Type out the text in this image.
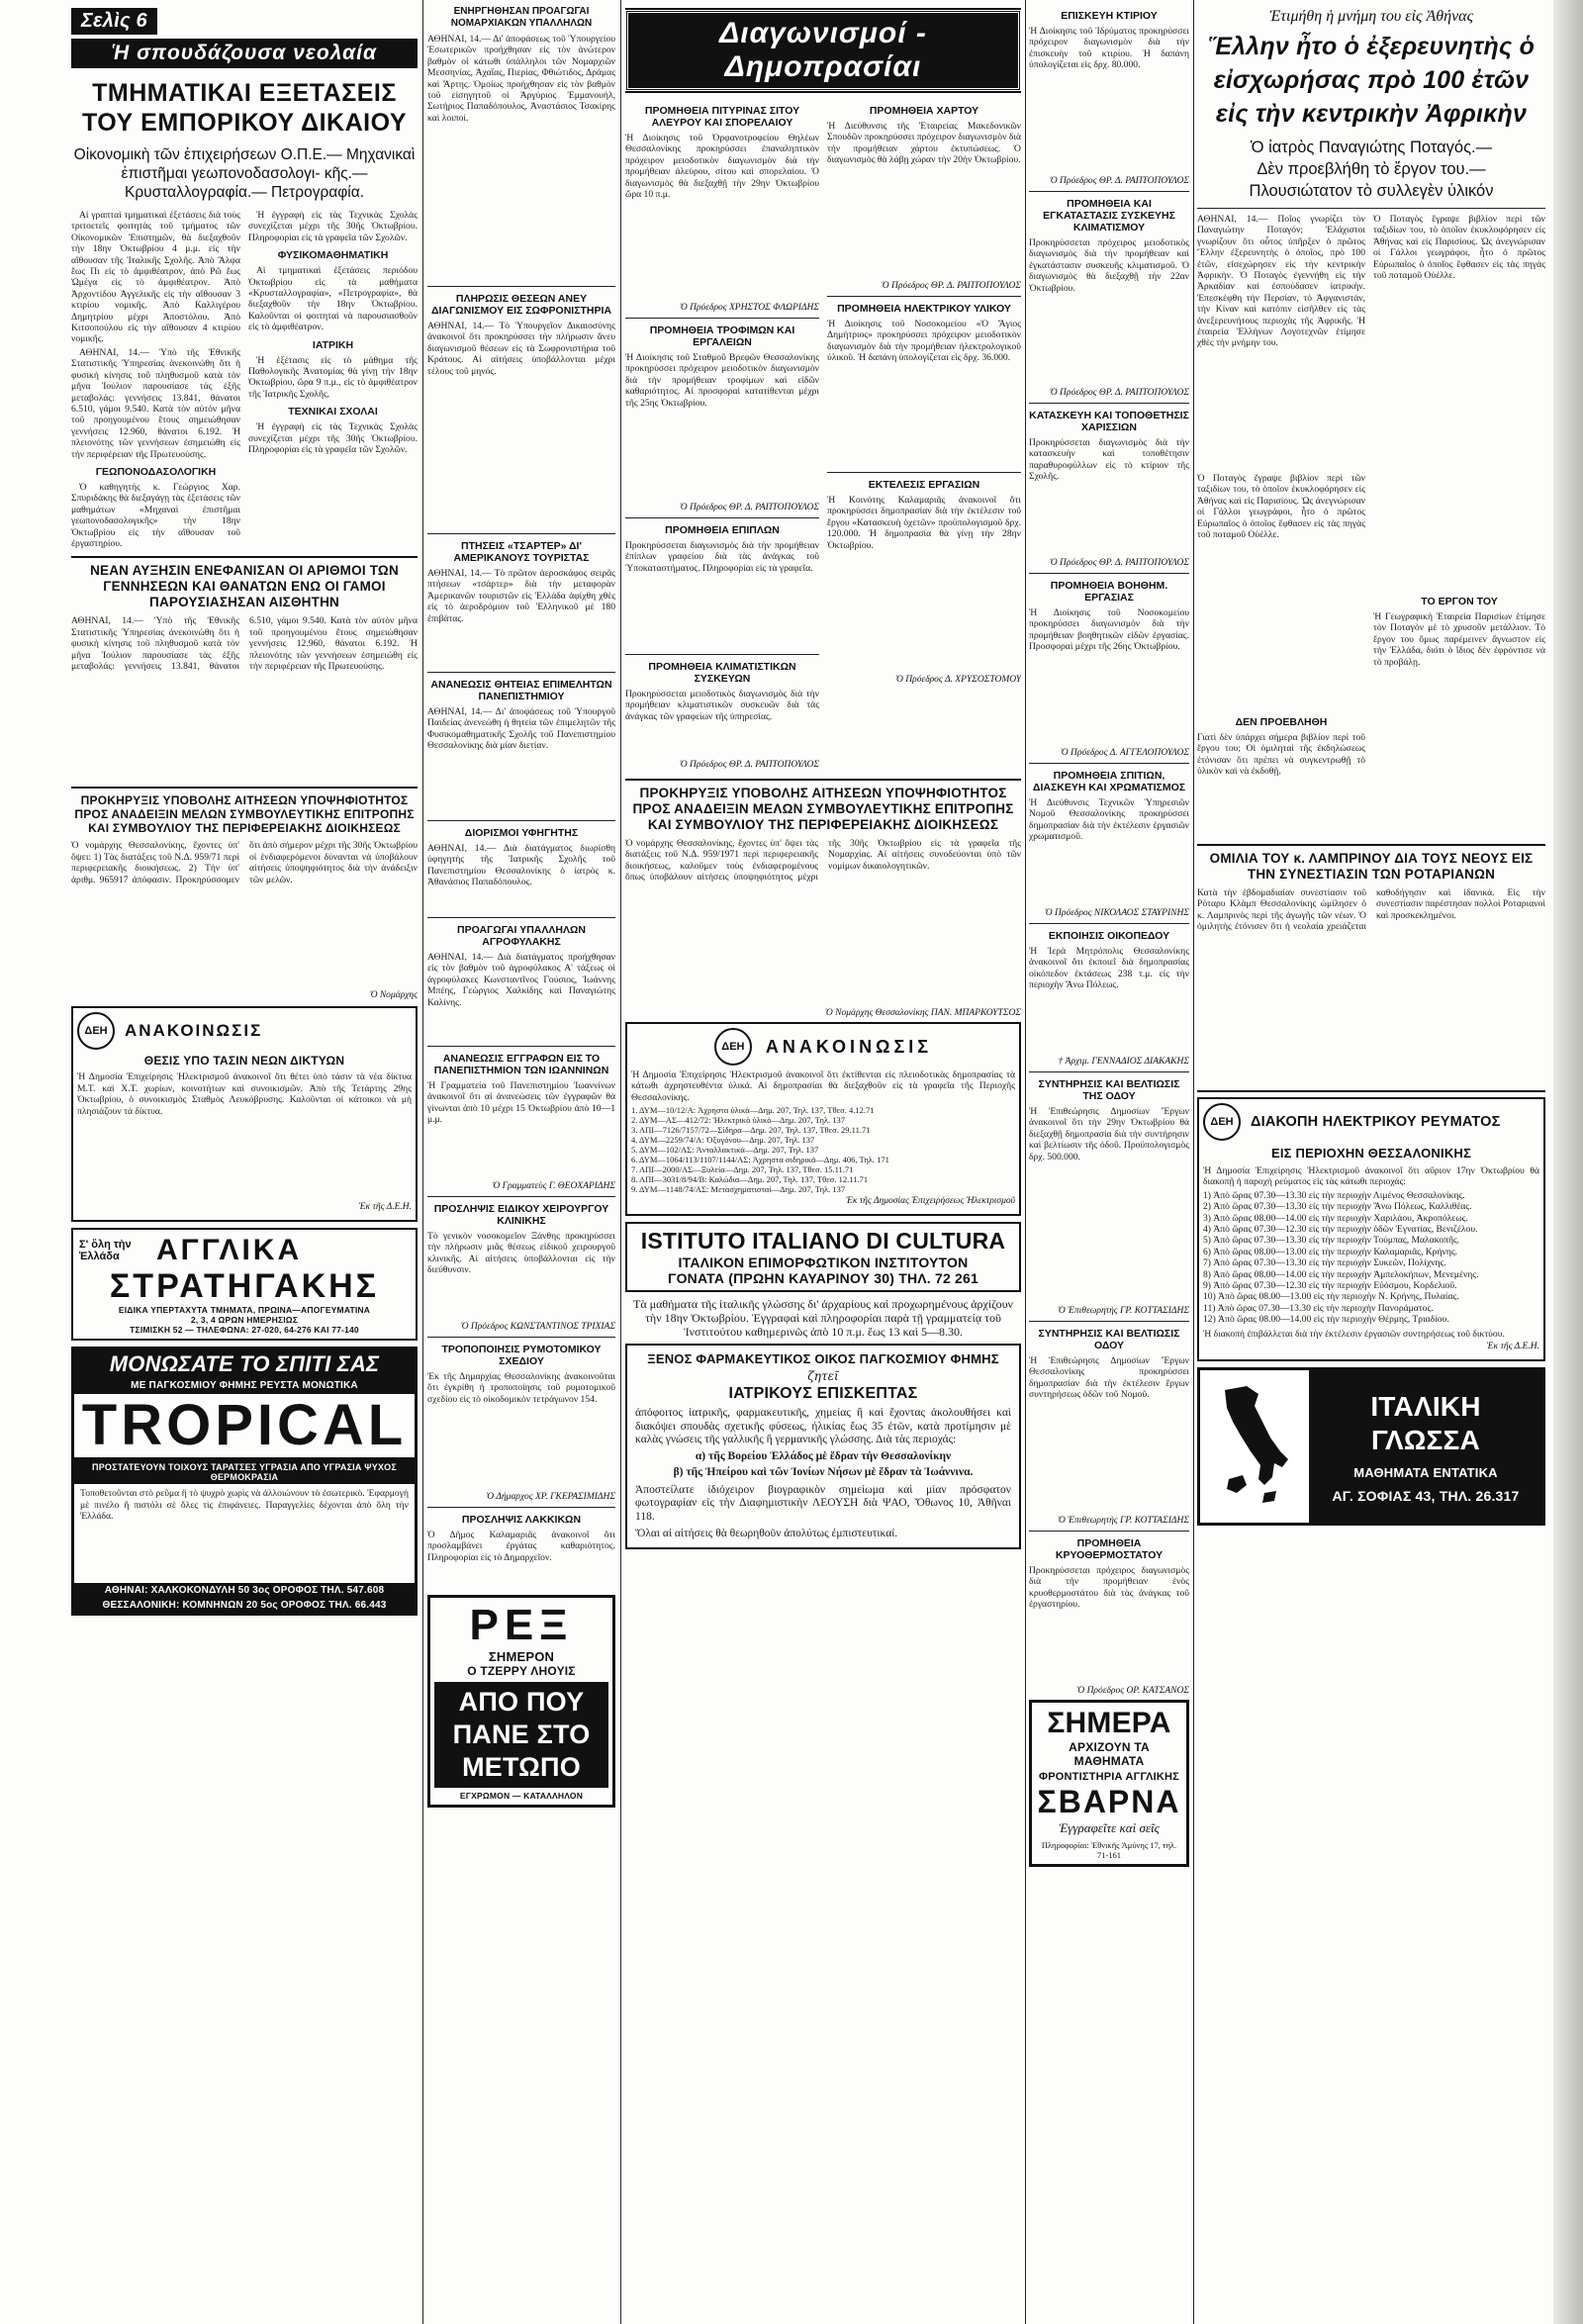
Σελὶς 6
Ἡ σπουδάζουσα νεολαία
ΤΜΗΜΑΤΙΚΑΙ ΕΞΕΤΑΣΕΙΣ
ΤΟΥ ΕΜΠΟΡΙΚΟΥ ΔΙΚΑΙΟΥ
Οἰκονομικὴ τῶν ἐπιχειρήσεων Ο.Π.Ε.— Μηχανικαὶ ἐπιστῆμαι γεωπονοδασολογι- κῆς.—Κρυσταλλογραφία.— Πετρογραφία.

Αἱ γραπταὶ τμηματικαὶ ἐξετάσεις διὰ τοὺς τριτοετεῖς φοιτητὰς τοῦ τμήματος τῶν Οἰκονομικῶν Ἐπιστημῶν, θὰ διεξαχθοῦν τὴν 18ην Ὀκτωβρίου 4 μ.μ. εἰς τὴν αἴθουσαν τῆς Ἰταλικῆς Σχολῆς. Ἀπὸ Ἄλφα ἕως Πι εἰς τὸ ἀμφιθέατρον, ἀπὸ Ρῶ ἕως Ὠμέγα εἰς τὸ ἀμφιθέατρον. Ἀπὸ Ἀρχοντίδου Ἀγγελικῆς εἰς τὴν αἴθουσαν 3 κτιρίου νομικῆς. Ἀπὸ Καλλιγέρου Δημητρίου μέχρι Ἀποστόλου. Ἀπὸ Κιτσοπούλου εἰς τὴν αἴθουσαν 4 κτιρίου νομικῆς.

ΑΘΗΝΑΙ, 14.— Ὑπὸ τῆς Ἐθνικῆς Στατιστικῆς Ὑπηρεσίας ἀνεκοινώθη ὅτι ἡ φυσικὴ κίνησις τοῦ πληθυσμοῦ κατὰ τὸν μῆνα Ἰούλιον παρουσίασε τὰς ἑξῆς μεταβολάς: γεννήσεις 13.841, θάνατοι 6.510, γάμοι 9.540. Κατὰ τὸν αὐτὸν μῆνα τοῦ προηγουμένου ἔτους σημειώθησαν γεννήσεις 12.960, θάνατοι 6.192. Ἡ πλειονότης τῶν γεννήσεων ἐσημειώθη εἰς τὴν περιφέρειαν τῆς Πρωτευούσης.

ΓΕΩΠΟΝΟΔΑΣΟΛΟΓΙΚΗ

Ὁ καθηγητὴς κ. Γεώργιος Χαρ. Σπυριδάκης θὰ διεξαγάγῃ τὰς ἐξετάσεις τῶν μαθημάτων «Μηχαναὶ ἐπιστῆμαι γεωπονοδασολογικῆς» τὴν 18ην Ὀκτωβρίου εἰς τὴν αἴθουσαν τοῦ ἐργαστηρίου.

Ἡ ἐγγραφὴ εἰς τὰς Τεχνικὰς Σχολὰς συνεχίζεται μέχρι τῆς 30ῆς Ὀκτωβρίου. Πληροφορίαι εἰς τὰ γραφεῖα τῶν Σχολῶν.

ΦΥΣΙΚΟΜΑΘΗΜΑΤΙΚΗ

Αἱ τμηματικαὶ ἐξετάσεις περιόδου Ὀκτωβρίου εἰς τὰ μαθήματα «Κρυσταλλογραφία», «Πετρογραφία», θὰ διεξαχθοῦν τὴν 18ην Ὀκτωβρίου. Καλοῦνται οἱ φοιτηταὶ νὰ παρουσιασθοῦν εἰς τὸ ἀμφιθέατρον.

ΙΑΤΡΙΚΗ

Ἡ ἐξέτασις εἰς τὸ μάθημα τῆς Παθολογικῆς Ἀνατομίας θὰ γίνῃ τὴν 18ην Ὀκτωβρίου, ὥρα 9 π.μ., εἰς τὸ ἀμφιθέατρον τῆς Ἰατρικῆς Σχολῆς.

ΤΕΧΝΙΚΑΙ ΣΧΟΛΑΙ

Ἡ ἐγγραφὴ εἰς τὰς Τεχνικὰς Σχολὰς συνεχίζεται μέχρι τῆς 30ῆς Ὀκτωβρίου. Πληροφορίαι εἰς τὰ γραφεῖα τῶν Σχολῶν.

ΝΕΑΝ ΑΥΞΗΣΙΝ ΕΝΕΦΑΝΙΣΑΝ ΟΙ ΑΡΙΘΜΟΙ ΤΩΝ ΓΕΝΝΗΣΕΩΝ ΚΑΙ ΘΑΝΑΤΩΝ ΕΝΩ ΟΙ ΓΑΜΟΙ ΠΑΡΟΥΣΙΑΣΗΣΑΝ ΑΙΣΘΗΤΗΝ
ΑΘΗΝΑΙ, 14.— Ὑπὸ τῆς Ἐθνικῆς Στατιστικῆς Ὑπηρεσίας ἀνεκοινώθη ὅτι ἡ φυσικὴ κίνησις τοῦ πληθυσμοῦ κατὰ τὸν μῆνα Ἰούλιον παρουσίασε τὰς ἑξῆς μεταβολάς: γεννήσεις 13.841, θάνατοι 6.510, γάμοι 9.540. Κατὰ τὸν αὐτὸν μῆνα τοῦ προηγουμένου ἔτους σημειώθησαν γεννήσεις 12.960, θάνατοι 6.192. Ἡ πλειονότης τῶν γεννήσεων ἐσημειώθη εἰς τὴν περιφέρειαν τῆς Πρωτευούσης.
ΠΡΟΚΗΡΥΞΙΣ ΥΠΟΒΟΛΗΣ ΑΙΤΗΣΕΩΝ ΥΠΟΨΗΦΙΟΤΗΤΟΣ ΠΡΟΣ ΑΝΑΔΕΙΞΙΝ ΜΕΛΩΝ ΣΥΜΒΟΥΛΕΥΤΙΚΗΣ ΕΠΙΤΡΟΠΗΣ ΚΑΙ ΣΥΜΒΟΥΛΙΟΥ ΤΗΣ ΠΕΡΙΦΕΡΕΙΑΚΗΣ ΔΙΟΙΚΗΣΕΩΣ
Ὁ νομάρχης Θεσσαλονίκης, ἔχοντες ὑπ' ὄψει: 1) Τὰς διατάξεις τοῦ Ν.Δ. 959/71 περὶ περιφερειακῆς διοικήσεως. 2) Τὴν ὑπ' ἀριθμ. 965917 ἀπόφασιν. Προκηρύσσομεν ὅτι ἀπὸ σήμερον μέχρι τῆς 30ῆς Ὀκτωβρίου οἱ ἐνδιαφερόμενοι δύνανται νὰ ὑποβάλουν αἰτήσεις ὑποψηφιότητος διὰ τὴν ἀνάδειξιν τῶν μελῶν.
Ὁ Νομάρχης
ΔΕΗ	ΑΝΑΚΟΙΝΩΣΙΣ
ΘΕΣΙΣ ΥΠΟ ΤΑΣΙΝ ΝΕΩΝ ΔΙΚΤΥΩΝ
Ἡ Δημοσία Ἐπιχείρησις Ἠλεκτρισμοῦ ἀνακοινοῖ ὅτι θέτει ὑπὸ τάσιν τὰ νέα δίκτυα Μ.Τ. καὶ Χ.Τ. χωρίων, κοινοτήτων καὶ συνοικισμῶν. Ἀπὸ τῆς Τετάρτης 29ης Ὀκτωβρίου, ὁ συνοικισμὸς Σταθμὸς Λευκόβρυσης. Καλοῦνται οἱ κάτοικοι νὰ μὴ πλησιάζουν τὰ δίκτυα.
Ἐκ τῆς Δ.Ε.Η.
Σ' ὅλη τὴν Ἑλλάδα	ΑΓΓΛΙΚΑ
ΣΤΡΑΤΗΓΑΚΗΣ
ΕΙΔΙΚΑ ΥΠΕΡΤΑΧΥΤΑ ΤΜΗΜΑΤΑ, ΠΡΩΙΝΑ—ΑΠΟΓΕΥΜΑΤΙΝΑ
2, 3, 4 ΩΡΩΝ ΗΜΕΡΗΣΙΩΣ
ΤΣΙΜΙΣΚΗ 52 — ΤΗΛΕΦΩΝΑ: 27-020, 64-276 ΚΑΙ 77-140
ΜΟΝΩΣΑΤΕ ΤΟ ΣΠΙΤΙ ΣΑΣ
ΜΕ ΠΑΓΚΟΣΜΙΟΥ ΦΗΜΗΣ ΡΕΥΣΤΑ ΜΟΝΩΤΙΚΑ
TROPICAL
ΠΡΟΣΤΑΤΕΥΟΥΝ ΤΟΙΧΟΥΣ ΤΑΡΑΤΣΕΣ ΥΓΡΑΣΙΑ ΑΠΟ ΥΓΡΑΣΙΑ ΨΥΧΟΣ ΘΕΡΜΟΚΡΑΣΙΑ
Τοποθετοῦνται στὸ ρεῦμα ἢ τὸ ψυχρὸ χωρὶς νὰ ἀλλοιώνουν τὸ ἐσωτερικὸ. Ἐφαρμογή μὲ πινέλο ἢ πιστόλι σὲ ὅλες τὶς ἐπιφάνειες. Παραγγελίες δέχονται ἀπὸ ὅλη τὴν Ἑλλάδα.
ΑΘΗΝΑΙ: ΧΑΛΚΟΚΟΝΔΥΛΗ 50 3ος ΟΡΟΦΟΣ ΤΗΛ. 547.608
ΘΕΣΣΑΛΟΝΙΚΗ: ΚΟΜΝΗΝΩΝ 20 5ος ΟΡΟΦΟΣ ΤΗΛ. 66.443
ΕΝΗΡΓΗΘΗΣΑΝ ΠΡΟΑΓΩΓΑΙ ΝΟΜΑΡΧΙΑΚΩΝ ΥΠΑΛΛΗΛΩΝ
ΑΘΗΝΑΙ, 14.— Δι' ἀποφάσεως τοῦ Ὑπουργείου Ἐσωτερικῶν προήχθησαν εἰς τὸν ἀνώτερον βαθμὸν οἱ κάτωθι ὑπάλληλοι τῶν Νομαρχιῶν Μεσσηνίας, Ἀχαΐας, Πιερίας, Φθιώτιδος, Δράμας καὶ Ἄρτης. Ὁμοίως προήχθησαν εἰς τὸν βαθμὸν τοῦ εἰσηγητοῦ οἱ Ἀργύριος Ἐμμανουήλ, Σωτήριος Παπαδόπουλος, Ἀναστάσιος Τσακίρης καὶ λοιποί.
ΠΛΗΡΩΣΙΣ ΘΕΣΕΩΝ ΑΝΕΥ ΔΙΑΓΩΝΙΣΜΟΥ ΕΙΣ ΣΩΦΡΟΝΙΣΤΗΡΙΑ
ΑΘΗΝΑΙ, 14.— Τὸ Ὑπουργεῖον Δικαιοσύνης ἀνακοινοῖ ὅτι προκηρύσσει τὴν πλήρωσιν ἄνευ διαγωνισμοῦ θέσεων εἰς τὰ Σωφρονιστήρια τοῦ Κράτους. Αἱ αἰτήσεις ὑποβάλλονται μέχρι τέλους τοῦ μηνός.
ΠΤΗΣΕΙΣ «ΤΣΑΡΤΕΡ» ΔΙ' ΑΜΕΡΙΚΑΝΟΥΣ ΤΟΥΡΙΣΤΑΣ
ΑΘΗΝΑΙ, 14.— Τὸ πρῶτον ἀεροσκάφος σειρᾶς πτήσεων «τσάρτερ» διὰ τὴν μεταφορὰν Ἀμερικανῶν τουριστῶν εἰς Ἑλλάδα ἀφίχθη χθὲς εἰς τὸ ἀεροδρόμιον τοῦ Ἑλληνικοῦ μὲ 180 ἐπιβάτας.
ΑΝΑΝΕΩΣΙΣ ΘΗΤΕΙΑΣ ΕΠΙΜΕΛΗΤΩΝ ΠΑΝΕΠΙΣΤΗΜΙΟΥ
ΑΘΗΝΑΙ, 14.— Δι' ἀποφάσεως τοῦ Ὑπουργοῦ Παιδείας ἀνενεώθη ἡ θητεία τῶν ἐπιμελητῶν τῆς Φυσικομαθηματικῆς Σχολῆς τοῦ Πανεπιστημίου Θεσσαλονίκης διὰ μίαν διετίαν.
ΔΙΟΡΙΣΜΟΙ ΥΦΗΓΗΤΗΣ
ΑΘΗΝΑΙ, 14.— Διὰ διατάγματος διωρίσθη ὑφηγητὴς τῆς Ἰατρικῆς Σχολῆς τοῦ Πανεπιστημίου Θεσσαλονίκης ὁ ἰατρὸς κ. Ἀθανάσιος Παπαδόπουλος.
ΠΡΟΑΓΩΓΑΙ ΥΠΑΛΛΗΛΩΝ ΑΓΡΟΦΥΛΑΚΗΣ
ΑΘΗΝΑΙ, 14.— Διὰ διατάγματος προήχθησαν εἰς τὸν βαθμὸν τοῦ ἀγροφύλακος Α' τάξεως οἱ ἀγροφύλακες Κωνσταντῖνος Γούσιος, Ἰωάννης Μπέης, Γεώργιος Χαλκίδης καὶ Παναγιώτης Καλίνης.
ΑΝΑΝΕΩΣΙΣ ΕΓΓΡΑΦΩΝ ΕΙΣ ΤΟ ΠΑΝΕΠΙΣΤΗΜΙΟΝ ΤΩΝ ΙΩΑΝΝΙΝΩΝ
Ἡ Γραμματεία τοῦ Πανεπιστημίου Ἰωαννίνων ἀνακοινοῖ ὅτι αἱ ἀνανεώσεις τῶν ἐγγραφῶν θὰ γίνωνται ἀπὸ 10 μέχρι 15 Ὀκτωβρίου ἀπὸ 10—1 μ.μ.
Ὁ Γραμματεὺς Γ. ΘΕΟΧΑΡΙΔΗΣ
ΠΡΟΣΛΗΨΙΣ ΕΙΔΙΚΟΥ ΧΕΙΡΟΥΡΓΟΥ ΚΛΙΝΙΚΗΣ
Τὸ γενικὸν νοσοκομεῖον Ξάνθης προκηρύσσει τὴν πλήρωσιν μιᾶς θέσεως εἰδικοῦ χειρουργοῦ κλινικῆς. Αἱ αἰτήσεις ὑποβάλλονται εἰς τὴν διεύθυνσιν.
Ὁ Πρόεδρος ΚΩΝΣΤΑΝΤΙΝΟΣ ΤΡΙΧΙΑΣ
ΤΡΟΠΟΠΟΙΗΣΙΣ ΡΥΜΟΤΟΜΙΚΟΥ ΣΧΕΔΙΟΥ
Ἐκ τῆς Δημαρχίας Θεσσαλονίκης ἀνακοινοῦται ὅτι ἐγκρίθη ἡ τροποποίησις τοῦ ρυμοτομικοῦ σχεδίου εἰς τὸ οἰκοδομικὸν τετράγωνον 154.
Ὁ Δήμαρχος ΧΡ. ΓΚΕΡΑΣΙΜΙΔΗΣ
ΠΡΟΣΛΗΨΙΣ ΛΑΚΚΙΚΩΝ
Ὁ Δῆμος Καλαμαριᾶς ἀνακοινοῖ ὅτι προσλαμβάνει ἐργάτας καθαριότητος. Πληροφορίαι εἰς τὸ Δημαρχεῖον.
ΡΕΞ
ΣΗΜΕΡΟΝ
Ο ΤΖΕΡΡΥ ΛΗΟΥΙΣ
ΑΠΟ ΠΟΥ ΠΑΝΕ ΣΤΟ ΜΕΤΩΠΟ
ΕΓΧΡΩΜΟΝ — ΚΑΤΑΛΛΗΛΟΝ
Διαγωνισμοί - Δημοπρασίαι
ΠΡΟΜΗΘΕΙΑ ΠΙΤΥΡΙΝΑΣ ΣΙΤΟΥ ΑΛΕΥΡΟΥ ΚΑΙ ΣΠΟΡΕΛΑΙΟΥ
Ἡ Διοίκησις τοῦ Ὀρφανοτροφείου Θηλέων Θεσσαλονίκης προκηρύσσει ἐπαναληπτικὸν πρόχειρον μειοδοτικὸν διαγωνισμὸν διὰ τὴν προμήθειαν ἀλεύρου, σίτου καὶ σπορελαίου. Ὁ διαγωνισμὸς θὰ διεξαχθῇ τὴν 29ην Ὀκτωβρίου ὥρα 10 π.μ.
Ὁ Πρόεδρος ΧΡΗΣΤΟΣ ΦΛΩΡΙΔΗΣ
ΠΡΟΜΗΘΕΙΑ ΤΡΟΦΙΜΩΝ ΚΑΙ ΕΡΓΑΛΕΙΩΝ
Ἡ Διοίκησις τοῦ Σταθμοῦ Βρεφῶν Θεσσαλονίκης προκηρύσσει πρόχειρον μειοδοτικὸν διαγωνισμὸν διὰ τὴν προμήθειαν τροφίμων καὶ εἰδῶν καθαριότητος. Αἱ προσφοραὶ κατατίθενται μέχρι τῆς 25ης Ὀκτωβρίου.
Ὁ Πρόεδρος ΘΡ. Δ. ΡΑΠΤΟΠΟΥΛΟΣ
ΠΡΟΜΗΘΕΙΑ ΕΠΙΠΛΩΝ
Προκηρύσσεται διαγωνισμὸς διὰ τὴν προμήθειαν ἐπίπλων γραφείου διὰ τὰς ἀνάγκας τοῦ Ὑποκαταστήματος. Πληροφορίαι εἰς τὰ γραφεῖα.
ΠΡΟΜΗΘΕΙΑ ΚΛΙΜΑΤΙΣΤΙΚΩΝ ΣΥΣΚΕΥΩΝ
Προκηρύσσεται μειοδοτικὸς διαγωνισμὸς διὰ τὴν προμήθειαν κλιματιστικῶν συσκευῶν διὰ τὰς ἀνάγκας τῶν γραφείων τῆς ὑπηρεσίας.
Ὁ Πρόεδρος ΘΡ. Δ. ΡΑΠΤΟΠΟΥΛΟΣ
ΠΡΟΜΗΘΕΙΑ ΧΑΡΤΟΥ
Ἡ Διεύθυνσις τῆς Ἐταιρείας Μακεδονικῶν Σπουδῶν προκηρύσσει πρόχειρον διαγωνισμὸν διὰ τὴν προμήθειαν χάρτου ἐκτυπώσεως. Ὁ διαγωνισμὸς θὰ λάβῃ χώραν τὴν 20ὴν Ὀκτωβρίου.
Ὁ Πρόεδρος ΘΡ. Δ. ΡΑΠΤΟΠΟΥΛΟΣ
ΠΡΟΜΗΘΕΙΑ ΗΛΕΚΤΡΙΚΟΥ ΥΛΙΚΟΥ
Ἡ Διοίκησις τοῦ Νοσοκομείου «Ὁ Ἅγιος Δημήτριος» προκηρύσσει πρόχειρον μειοδοτικὸν διαγωνισμὸν διὰ τὴν προμήθειαν ἠλεκτρολογικοῦ ὑλικοῦ. Ἡ δαπάνη ὑπολογίζεται εἰς δρχ. 36.000.
ΕΚΤΕΛΕΣΙΣ ΕΡΓΑΣΙΩΝ
Ἡ Κοινότης Καλαμαριᾶς ἀνακοινοῖ ὅτι προκηρύσσει δημοπρασίαν διὰ τὴν ἐκτέλεσιν τοῦ ἔργου «Κατασκευὴ ὀχετῶν» προϋπολογισμοῦ δρχ. 120.000. Ἡ δημοπρασία θὰ γίνῃ τὴν 28ην Ὀκτωβρίου.
Ὁ Πρόεδρος Δ. ΧΡΥΣΟΣΤΟΜΟΥ
ΠΡΟΚΗΡΥΞΙΣ ΥΠΟΒΟΛΗΣ ΑΙΤΗΣΕΩΝ ΥΠΟΨΗΦΙΟΤΗΤΟΣ ΠΡΟΣ ΑΝΑΔΕΙΞΙΝ ΜΕΛΩΝ ΣΥΜΒΟΥΛΕΥΤΙΚΗΣ ΕΠΙΤΡΟΠΗΣ ΚΑΙ ΣΥΜΒΟΥΛΙΟΥ ΤΗΣ ΠΕΡΙΦΕΡΕΙΑΚΗΣ ΔΙΟΙΚΗΣΕΩΣ
Ὁ νομάρχης Θεσσαλονίκης, ἔχοντες ὑπ' ὄψει τὰς διατάξεις τοῦ Ν.Δ. 959/1971 περὶ περιφερειακῆς διοικήσεως, καλοῦμεν τοὺς ἐνδιαφερομένους ὅπως ὑποβάλουν αἰτήσεις ὑποψηφιότητος μέχρι τῆς 30ῆς Ὀκτωβρίου εἰς τὰ γραφεῖα τῆς Νομαρχίας. Αἱ αἰτήσεις συνοδεύονται ὑπὸ τῶν νομίμων δικαιολογητικῶν.
Ὁ Νομάρχης Θεσσαλονίκης ΠΑΝ. ΜΠΑΡΚΟΥΤΣΟΣ
ΔΕΗ	ΑΝΑΚΟΙΝΩΣΙΣ
Ἡ Δημοσία Ἐπιχείρησις Ἠλεκτρισμοῦ ἀνακοινοῖ ὅτι ἐκτίθενται εἰς πλειοδοτικὰς δημοπρασίας τὰ κάτωθι ἀχρηστευθέντα ὑλικά. Αἱ δημοπρασίαι θὰ διεξαχθοῦν εἰς τὰ γραφεῖα τῆς Περιοχῆς Θεσσαλονίκης.
1. ΔΥΜ—10/12/Α: Ἀχρηστα ὑλικὰ—Δημ. 207, Τηλ. 137, Τθεσ. 4.12.71
2. ΔΥΜ—ΑΣ—412/72: Ἠλεκτρικὸ ὑλικὸ—Δημ. 207, Τηλ. 137
3. ΑΠΙ—7126/7157/72—Σίδηρα—Δημ. 207, Τηλ. 137, Τθεσ. 29.11.71
4. ΔΥΜ—2259/74/Α: Ὀξυγόνου—Δημ. 207, Τηλ. 137
5. ΔΥΜ—102/ΑΣ: Ἀνταλλακτικά—Δημ. 207, Τηλ. 137
6. ΔΥΜ—1064/113/1107/1144/ΑΣ: Ἀχρηστα σιδηρικά—Δημ. 406, Τηλ. 171
7. ΑΠΙ—2000/ΑΣ—Ξυλεία—Δημ. 207, Τηλ. 137, Τθεσ. 15.11.71
8. ΑΠΙ—3031/8/94/Β: Καλώδια—Δημ. 207, Τηλ. 137, Τθεσ. 12.11.71
9. ΔΥΜ—1148/74/ΑΣ: Μετασχηματισταί—Δημ. 207, Τηλ. 137
Ἐκ τῆς Δημοσίας Ἐπιχειρήσεως Ἠλεκτρισμοῦ
ISTITUTO ITALIANO DI CULTURA
ΙΤΑΛΙΚΟΝ ΕΠΙΜΟΡΦΩΤΙΚΟΝ ΙΝΣΤΙΤΟΥΤΟΝ
ΓΟΝΑΤΑ (ΠΡΩΗΝ ΚΑΥΑΡΙΝΟΥ 30) ΤΗΛ. 72 261
Τὰ μαθήματα τῆς ἰταλικῆς γλώσσης δι' ἀρχαρίους καὶ προχωρημένους ἀρχίζουν τὴν 18ην Ὀκτωβρίου. Ἐγγραφαὶ καὶ πληροφορίαι παρὰ τῇ γραμματείᾳ τοῦ Ἰνστιτούτου καθημερινῶς ἀπὸ 10 π.μ. ἕως 13 καὶ 5—8.30.
ΞΕΝΟΣ ΦΑΡΜΑΚΕΥΤΙΚΟΣ ΟΙΚΟΣ ΠΑΓΚΟΣΜΙΟΥ ΦΗΜΗΣ
ζητεῖ
ΙΑΤΡΙΚΟΥΣ ΕΠΙΣΚΕΠΤΑΣ
ἀπόφοιτος ἰατρικῆς, φαρμακευτικῆς, χημείας ἢ καὶ ἔχοντας ἀκολουθήσει καὶ διακόψει σπουδὰς σχετικῆς φύσεως, ἡλικίας ἕως 35 ἐτῶν, κατὰ προτίμησιν μὲ καλὰς γνώσεις τῆς γαλλικῆς ἢ γερμανικῆς γλώσσης. Διὰ τὰς περιοχάς:
α) τῆς Βορείου Ἑλλάδος μὲ ἕδραν τὴν Θεσσαλονίκην
β) τῆς Ἠπείρου καὶ τῶν Ἰονίων Νήσων μὲ ἕδραν τὰ Ἰωάννινα.
Ἀποστείλατε ἰδιόχειρον βιογραφικὸν σημείωμα καὶ μίαν πρόσφατον φωτογραφίαν εἰς τὴν Διαφημιστικὴν ΛΕΟΥΣΗ διὰ ΨΑΟ, Ὄθωνος 10, Ἀθῆναι 118.
Ὅλαι αἱ αἰτήσεις θὰ θεωρηθοῦν ἀπολύτως ἐμπιστευτικαί.
ΕΠΙΣΚΕΥΗ ΚΤΙΡΙΟΥ
Ἡ Διοίκησις τοῦ Ἰδρύματος προκηρύσσει πρόχειρον διαγωνισμὸν διὰ τὴν ἐπισκευὴν τοῦ κτιρίου. Ἡ δαπάνη ὑπολογίζεται εἰς δρχ. 80.000.
Ὁ Πρόεδρος ΘΡ. Δ. ΡΑΠΤΟΠΟΥΛΟΣ
ΠΡΟΜΗΘΕΙΑ ΚΑΙ ΕΓΚΑΤΑΣΤΑΣΙΣ ΣΥΣΚΕΥΗΣ ΚΛΙΜΑΤΙΣΜΟΥ
Προκηρύσσεται πρόχειρος μειοδοτικὸς διαγωνισμὸς διὰ τὴν προμήθειαν καὶ ἐγκατάστασιν συσκευῆς κλιματισμοῦ. Ὁ διαγωνισμὸς θὰ διεξαχθῇ τὴν 22αν Ὀκτωβρίου.
Ὁ Πρόεδρος ΘΡ. Δ. ΡΑΠΤΟΠΟΥΛΟΣ
ΚΑΤΑΣΚΕΥΗ ΚΑΙ ΤΟΠΟΘΕΤΗΣΙΣ ΧΑΡΙΣΣΙΩΝ
Προκηρύσσεται διαγωνισμὸς διὰ τὴν κατασκευὴν καὶ τοποθέτησιν παραθυροφύλλων εἰς τὸ κτίριον τῆς Σχολῆς.
Ὁ Πρόεδρος ΘΡ. Δ. ΡΑΠΤΟΠΟΥΛΟΣ
ΠΡΟΜΗΘΕΙΑ ΒΟΗΘΗΜ. ΕΡΓΑΣΙΑΣ
Ἡ Διοίκησις τοῦ Νοσοκομείου προκηρύσσει διαγωνισμὸν διὰ τὴν προμήθειαν βοηθητικῶν εἰδῶν ἐργασίας. Προσφοραὶ μέχρι τῆς 26ης Ὀκτωβρίου.
Ὁ Πρόεδρος Δ. ΑΓΓΕΛΟΠΟΥΛΟΣ
ΠΡΟΜΗΘΕΙΑ ΣΠΙΤΙΩΝ, ΔΙΑΣΚΕΥΗ ΚΑΙ ΧΡΩΜΑΤΙΣΜΟΣ
Ἡ Διεύθυνσις Τεχνικῶν Ὑπηρεσιῶν Νομοῦ Θεσσαλονίκης προκηρύσσει δημοπρασίαν διὰ τὴν ἐκτέλεσιν ἐργασιῶν χρωματισμοῦ.
Ὁ Πρόεδρος ΝΙΚΟΛΑΟΣ ΣΤΑΥΡΙΝΗΣ
ΕΚΠΟΙΗΣΙΣ ΟΙΚΟΠΕΔΟΥ
Ἡ Ἱερὰ Μητρόπολις Θεσσαλονίκης ἀνακοινοῖ ὅτι ἐκποιεῖ διὰ δημοπρασίας οἰκόπεδον ἐκτάσεως 238 τ.μ. εἰς τὴν περιοχὴν Ἄνω Πόλεως.
† Ἀρχιμ. ΓΕΝΝΑΔΙΟΣ ΔΙΑΚΑΚΗΣ
ΣΥΝΤΗΡΗΣΙΣ ΚΑΙ ΒΕΛΤΙΩΣΙΣ ΤΗΣ ΟΔΟΥ
Ἡ Ἐπιθεώρησις Δημοσίων Ἔργων ἀνακοινοῖ ὅτι τὴν 29ην Ὀκτωβρίου θὰ διεξαχθῇ δημοπρασία διὰ τὴν συντήρησιν καὶ βελτίωσιν τῆς ὁδοῦ. Προϋπολογισμὸς δρχ. 500.000.
Ὁ Ἐπιθεωρητὴς ΓΡ. ΚΟΤΤΑΣΙΔΗΣ
ΣΥΝΤΗΡΗΣΙΣ ΚΑΙ ΒΕΛΤΙΩΣΙΣ ΟΔΟΥ
Ἡ Ἐπιθεώρησις Δημοσίων Ἔργων Θεσσαλονίκης προκηρύσσει δημοπρασίαν διὰ τὴν ἐκτέλεσιν ἔργων συντηρήσεως ὁδῶν τοῦ Νομοῦ.
Ὁ Ἐπιθεωρητὴς ΓΡ. ΚΟΤΤΑΣΙΔΗΣ
ΠΡΟΜΗΘΕΙΑ ΚΡΥΟΘΕΡΜΟΣΤΑΤΟΥ
Προκηρύσσεται πρόχειρος διαγωνισμὸς διὰ τὴν προμήθειαν ἑνὸς κρυοθερμοστάτου διὰ τὰς ἀνάγκας τοῦ ἐργαστηρίου.
Ὁ Πρόεδρος ΟΡ. ΚΑΤΣΑΝΟΣ
ΣΗΜΕΡΑ
ΑΡΧΙΖΟΥΝ ΤΑ ΜΑΘΗΜΑΤΑ
ΦΡΟΝΤΙΣΤΗΡΙΑ ΑΓΓΛΙΚΗΣ
ΣΒΑΡΝΑ
Ἐγγραφεῖτε καὶ σεῖς
Πληροφορίαι: Ἐθνικῆς Ἀμύνης 17, τηλ. 71-161
Ἐτιμήθη ἡ μνήμη του εἰς Ἀθήνας
Ἕλλην ἦτο ὁ ἐξερευνητὴς ὁ εἰσχωρήσας πρὸ 100 ἐτῶν εἰς τὴν κεντρικὴν Ἀφρικὴν
Ὁ ἰατρὸς Παναγιώτης Ποταγός.—
Δὲν προεβλήθη τὸ ἔργον του.—
Πλουσιώτατον τὸ συλλεγὲν ὑλικόν
ΑΘΗΝΑΙ, 14.— Ποῖος γνωρίζει τὸν Παναγιώτην Ποταγόν; Ἐλάχιστοι γνωρίζουν ὅτι οὗτος ὑπῆρξεν ὁ πρῶτος Ἕλλην ἐξερευνητὴς ὁ ὁποῖος, πρὸ 100 ἐτῶν, εἰσεχώρησεν εἰς τὴν κεντρικὴν Ἀφρικὴν. Ὁ Ποταγὸς ἐγεννήθη εἰς τὴν Ἀρκαδίαν καὶ ἐσπούδασεν ἰατρικὴν. Ἐπεσκέφθη τὴν Περσίαν, τὸ Ἀφγανιστάν, τὴν Κίναν καὶ κατόπιν εἰσῆλθεν εἰς τὰς ἀνεξερευνήτους περιοχὰς τῆς Ἀφρικῆς. Ἡ ἐταιρεία Ἑλλήνων Λογοτεχνῶν ἐτίμησε χθὲς τὴν μνήμην του.
Ὁ Ποταγὸς ἔγραψε βιβλίον περὶ τῶν ταξιδίων του, τὸ ὁποῖον ἐκυκλοφόρησεν εἰς Ἀθήνας καὶ εἰς Παρισίους. Ὡς ἀνεγνώρισαν οἱ Γάλλοι γεωγράφοι, ἦτο ὁ πρῶτος Εὐρωπαῖος ὁ ὁποῖος ἔφθασεν εἰς τὰς πηγὰς τοῦ ποταμοῦ Οὐέλλε.
ΔΕΝ ΠΡΟΕΒΛΗΘΗ
Γιατὶ δὲν ὑπάρχει σήμερα βιβλίον περὶ τοῦ ἔργου του; Οἱ ὁμιληταὶ τῆς ἐκδηλώσεως ἐτόνισαν ὅτι πρέπει νὰ συγκεντρωθῇ τὸ ὑλικὸν καὶ νὰ ἐκδοθῇ.
Ὁ Ποταγὸς ἔγραψε βιβλίον περὶ τῶν ταξιδίων του, τὸ ὁποῖον ἐκυκλοφόρησεν εἰς Ἀθήνας καὶ εἰς Παρισίους. Ὡς ἀνεγνώρισαν οἱ Γάλλοι γεωγράφοι, ἦτο ὁ πρῶτος Εὐρωπαῖος ὁ ὁποῖος ἔφθασεν εἰς τὰς πηγὰς τοῦ ποταμοῦ Οὐέλλε.
ΤΟ ΕΡΓΟΝ ΤΟΥ
Ἡ Γεωγραφικὴ Ἑταιρεία Παρισίων ἐτίμησε τὸν Ποταγὸν μὲ τὸ χρυσοῦν μετάλλιον. Τὸ ἔργον του ὅμως παρέμεινεν ἄγνωστον εἰς τὴν Ἑλλάδα, διότι ὁ ἴδιος δὲν ἐφρόντισε νὰ τὸ προβάλῃ.
ΟΜΙΛΙΑ ΤΟΥ κ. ΛΑΜΠΡΙΝΟΥ ΔΙΑ ΤΟΥΣ ΝΕΟΥΣ ΕΙΣ ΤΗΝ ΣΥΝΕΣΤΙΑΣΙΝ ΤΩΝ ΡΟΤΑΡΙΑΝΩΝ
Κατὰ τὴν ἑβδομαδιαίαν συνεστίασιν τοῦ Ρόταρυ Κλὰμπ Θεσσαλονίκης ὡμίλησεν ὁ κ. Λαμπρινὸς περὶ τῆς ἀγωγῆς τῶν νέων. Ὁ ὁμιλητὴς ἐτόνισεν ὅτι ἡ νεολαία χρειάζεται καθοδήγησιν καὶ ἰδανικά. Εἰς τὴν συνεστίασιν παρέστησαν πολλοὶ Ροταριανοὶ καὶ προσκεκλημένοι.
ΔΕΗ	ΔΙΑΚΟΠΗ ΗΛΕΚΤΡΙΚΟΥ ΡΕΥΜΑΤΟΣ
ΕΙΣ ΠΕΡΙΟΧΗΝ ΘΕΣΣΑΛΟΝΙΚΗΣ
Ἡ Δημοσία Ἐπιχείρησις Ἠλεκτρισμοῦ ἀνακοινοῖ ὅτι αὔριον 17ην Ὀκτωβρίου θὰ διακοπῇ ἡ παροχὴ ρεύματος εἰς τὰς κάτωθι περιοχάς:
1) Ἀπὸ ὥρας 07.30—13.30 εἰς τὴν περιοχὴν Λιμένος Θεσσαλονίκης.
2) Ἀπὸ ὥρας 07.30—13.30 εἰς τὴν περιοχὴν Ἄνω Πόλεως, Καλλιθέας.
3) Ἀπὸ ὥρας 08.00—14.00 εἰς τὴν περιοχὴν Χαριλάου, Ἀκροπόλεως.
4) Ἀπὸ ὥρας 07.30—12.30 εἰς τὴν περιοχὴν ὁδῶν Ἐγνατίας, Βενιζέλου.
5) Ἀπὸ ὥρας 07.30—13.30 εἰς τὴν περιοχὴν Τούμπας, Μαλακοπῆς.
6) Ἀπὸ ὥρας 08.00—13.00 εἰς τὴν περιοχὴν Καλαμαριᾶς, Κρήνης.
7) Ἀπὸ ὥρας 07.30—13.30 εἰς τὴν περιοχὴν Συκεῶν, Πολίχνης.
8) Ἀπὸ ὥρας 08.00—14.00 εἰς τὴν περιοχὴν Ἀμπελοκήπων, Μενεμένης.
9) Ἀπὸ ὥρας 07.30—12.30 εἰς τὴν περιοχὴν Εὐόσμου, Κορδελιοῦ.
10) Ἀπὸ ὥρας 08.00—13.00 εἰς τὴν περιοχὴν Ν. Κρήνης, Πυλαίας.
11) Ἀπὸ ὥρας 07.30—13.30 εἰς τὴν περιοχὴν Πανοράματος.
12) Ἀπὸ ὥρας 08.00—14.00 εἰς τὴν περιοχὴν Θέρμης, Τριαδίου.
Ἡ διακοπὴ ἐπιβάλλεται διὰ τὴν ἐκτέλεσιν ἐργασιῶν συντηρήσεως τοῦ δικτύου.
Ἐκ τῆς Δ.Ε.Η.
ΙΤΑΛΙΚΗ ΓΛΩΣΣΑ
ΜΑΘΗΜΑΤΑ ΕΝΤΑΤΙΚΑ
ΑΓ. ΣΟΦΙΑΣ 43, ΤΗΛ. 26.317
